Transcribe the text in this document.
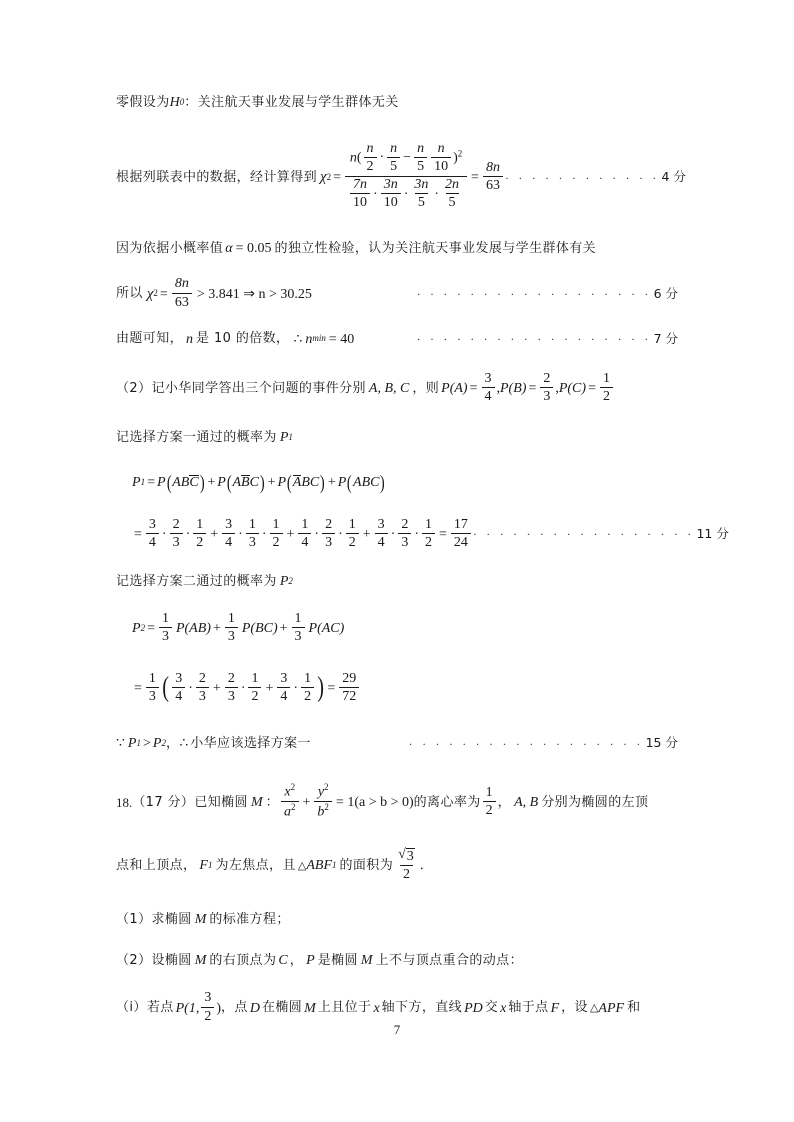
零假设为 H 0 ： 关注航天事业发展与学生群体无关
根据列联表中的数据，经计算得到 χ $2 = \frac{n( \frac{n}{2} \cdot \frac{n}{5} - \frac{n}{5} \frac{n}{10} )^2}{\frac{7n}{10} \cdot \frac{3n}{10} \cdot \frac{3n}{5} \cdot \frac{2n}{5}} = \frac{8n}{63}$ · · · · · · · · · · · · 4 分
因为依据小概率值 α = 0.05 的独立性检验，认为关注航天事业发展与学生群体有关
所以 χ $2 = \frac{8n}{63} > 3.841$ ⇒ n > 30.25	· · · · · · · · · · · · · · · · · · 6 分
由题可知， n 是 10 的倍数， ∴ n min = 40	· · · · · · · · · · · · · · · · · · 7 分
（2） 记小华同学答出三个问题的事件分别 A, B, C ，则 $P(A) = \frac{3}{4}$ , $P(B) = \frac{2}{3}$ , $P(C) = \frac{1}{2}$
记选择方案一通过的概率为 P 1
P 1 = P ( AB C ) + P ( A B C ) + P ( A BC ) + P ( ABC )
= $\frac{3}{4} \cdot \frac{2}{3} \cdot \frac{1}{2} + \frac{3}{4} \cdot \frac{1}{3} \cdot \frac{1}{2} + \frac{1}{4} \cdot \frac{2}{3} \cdot \frac{1}{2} + \frac{3}{4} \cdot \frac{2}{3} \cdot \frac{1}{2} = \frac{17}{24}$ · · · · · · · · · · · · · · · · · 11 分
记选择方案二通过的概率为 P 2
P $2 = \frac{1}{3} P(AB) + \frac{1}{3} P(BC) + \frac{1}{3} P(AC)$
= $\frac{1}{3}$ ( $\frac{3}{4} \cdot \frac{2}{3} + \frac{2}{3} \cdot \frac{1}{2} + \frac{3}{4} \cdot \frac{1}{2}$ ) = $\frac{29}{72}$
∵ P 1 > P 2 ， ∴ 小华应该选择方案一	· · · · · · · · · · · · · · · · · · 15 分
18. （17 分） 已知椭圆 M ： $\frac{x^2}{a^2} + \frac{y^2}{b^2} = 1(a > b > 0)$ 的离心率为 $\frac{1}{2}$ ， A, B 分别为椭圆的左顶
点和上顶点， F 1 为左焦点，且 △ ABF 1 的面积为 $\frac{√ 3}{2}$ ．
（1） 求椭圆 M 的标准方程；
（2） 设椭圆 M 的右顶点为 C ， P 是椭圆 M 上不与顶点重合的动点：
（i） 若点 P(1, $\frac{3}{2}$ ) ， 点 D 在椭圆 M 上且位于 x 轴下方，直线 PD 交 x 轴于点 F ， 设 △ APF 和
7
